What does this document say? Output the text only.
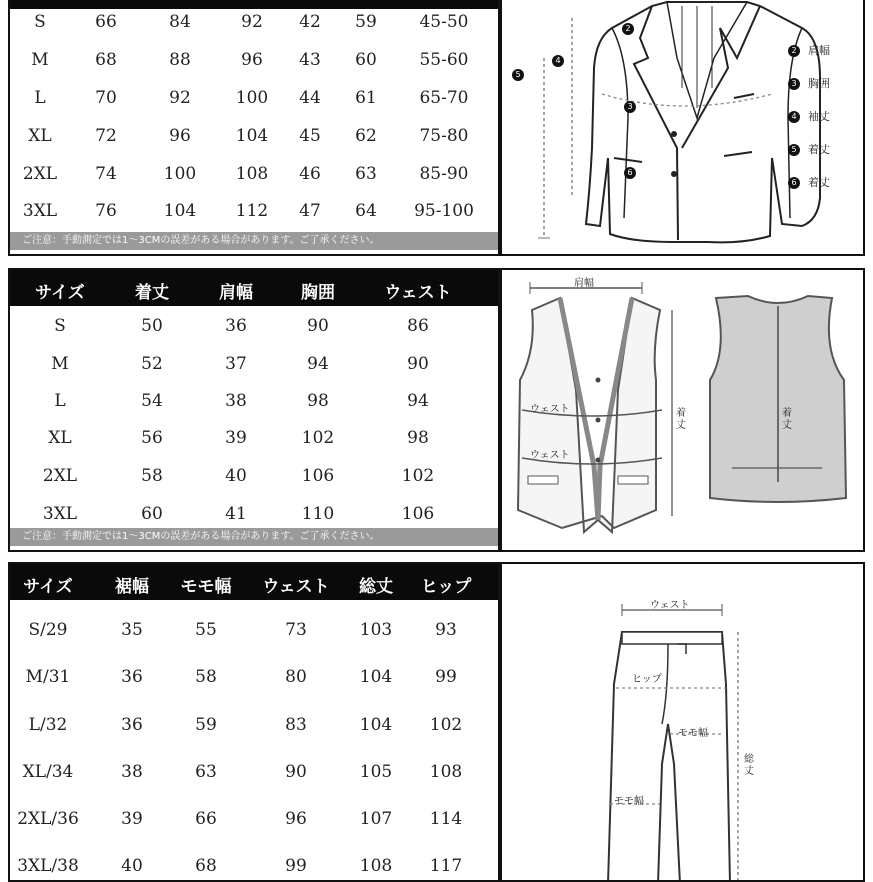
S	66	84	92	42	59	45-50
M	68	88	96	43	60	55-60
L	70	92	100	44	61	65-70
XL	72	96	104	45	62	75-80
2XL	74	100	108	46	63	85-90
3XL	76	104	112	47	64	95-100
ご注意：手動測定では1～3CMの誤差がある場合があります。ご了承ください。
2
3
4
5
6
2 肩幅
3 胸囲
4 袖丈
5 着丈
6 着丈
サイズ	着丈	肩幅	胸囲	ウェスト
S	50	36	90	86
M	52	37	94	90
L	54	38	98	94
XL	56	39	102	98
2XL	58	40	106	102
3XL	60	41	110	106
ご注意：手動測定では1～3CMの誤差がある場合があります。ご了承ください。
肩幅
ウェスト
ウェスト
着丈
着丈
サイズ	裾幅	モモ幅	ウェスト	総丈	ヒップ
S/29	35	55	73	103	93
M/31	36	58	80	104	99
L/32	36	59	83	104	102
XL/34	38	63	90	105	108
2XL/36	39	66	96	107	114
3XL/38	40	68	99	108	117
ウェスト
ヒップ
モモ幅
モモ幅
総丈
